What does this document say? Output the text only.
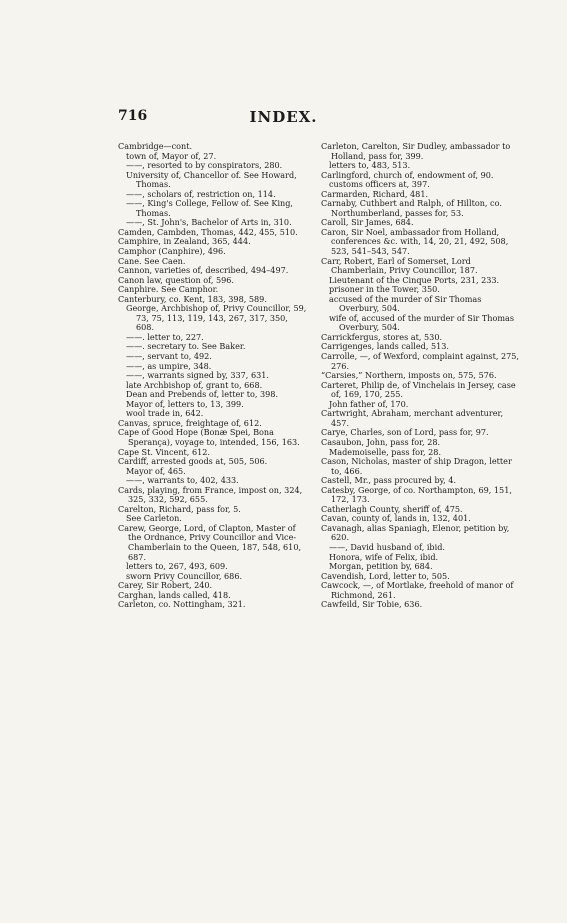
716	INDEX.

Cambridge—cont.

town of, Mayor of, 27.

——, resorted to by conspirators, 280.

University of, Chancellor of. See Howard, Thomas.

——, scholars of, restriction on, 114.

——, King's College, Fellow of. See King, Thomas.

——, St. John's, Bachelor of Arts in, 310.

Camden, Cambden, Thomas, 442, 455, 510.

Camphire, in Zealand, 365, 444.

Camphor (Canphire), 496.

Cane. See Caen.

Cannon, varieties of, described, 494–497.

Canon law, question of, 596.

Canphire. See Camphor.

Canterbury, co. Kent, 183, 398, 589.

George, Archbishop of, Privy Councillor, 59, 73, 75, 113, 119, 143, 267, 317, 350, 608.

——. letter to, 227.

——. secretary to. See Baker.

——, servant to, 492.

——, as umpire, 348.

——, warrants signed by, 337, 631.

late Archbishop of, grant to, 668.

Dean and Prebends of, letter to, 398.

Mayor of, letters to, 13, 399.

wool trade in, 642.

Canvas, spruce, freightage of, 612.

Cape of Good Hope (Bonæ Spei, Bona Sperança), voyage to, intended, 156, 163.

Cape St. Vincent, 612.

Cardiff, arrested goods at, 505, 506.

Mayor of, 465.

——, warrants to, 402, 433.

Cards, playing, from France, impost on, 324, 325, 332, 592, 655.

Carelton, Richard, pass for, 5.

See Carleton.

Carew, George, Lord, of Clapton, Master of the Ordnance, Privy Councillor and Vice-Chamberlain to the Queen, 187, 548, 610, 687.

letters to, 267, 493, 609.

sworn Privy Councillor, 686.

Carey, Sir Robert, 240.

Carghan, lands called, 418.

Carleton, co. Nottingham, 321.

Carleton, Carelton, Sir Dudley, ambassador to Holland, pass for, 399.

letters to, 483, 513.

Carlingford, church of, endowment of, 90.

customs officers at, 397.

Carmarden, Richard, 481.

Carnaby, Cuthbert and Ralph, of Hillton, co. Northumberland, passes for, 53.

Caroll, Sir James, 684.

Caron, Sir Noel, ambassador from Holland, conferences &c. with, 14, 20, 21, 492, 508, 523, 541–543, 547.

Carr, Robert, Earl of Somerset, Lord Chamberlain, Privy Councillor, 187.

Lieutenant of the Cinque Ports, 231, 233.

prisoner in the Tower, 350.

accused of the murder of Sir Thomas Overbury, 504.

wife of, accused of the murder of Sir Thomas Overbury, 504.

Carrickfergus, stores at, 530.

Carrigenges, lands called, 513.

Carrolle, —, of Wexford, complaint against, 275, 276.

“Carsies,” Northern, imposts on, 575, 576.

Carteret, Philip de, of Vinchelais in Jersey, case of, 169, 170, 255.

John father of, 170.

Cartwright, Abraham, merchant adventurer, 457.

Carye, Charles, son of Lord, pass for, 97.

Casaubon, John, pass for, 28.

Mademoiselle, pass for, 28.

Cason, Nicholas, master of ship Dragon, letter to, 466.

Castell, Mr., pass procured by, 4.

Catesby, George, of co. Northampton, 69, 151, 172, 173.

Catherlagh County, sheriff of, 475.

Cavan, county of, lands in, 132, 401.

Cavanagh, alias Spaniagh, Elenor, petition by, 620.

——, David husband of, ibid.

Honora, wife of Felix, ibid.

Morgan, petition by, 684.

Cavendish, Lord, letter to, 505.

Cawcock, —, of Mortlake, freehold of manor of Richmond, 261.

Cawfeild, Sir Tobie, 636.
